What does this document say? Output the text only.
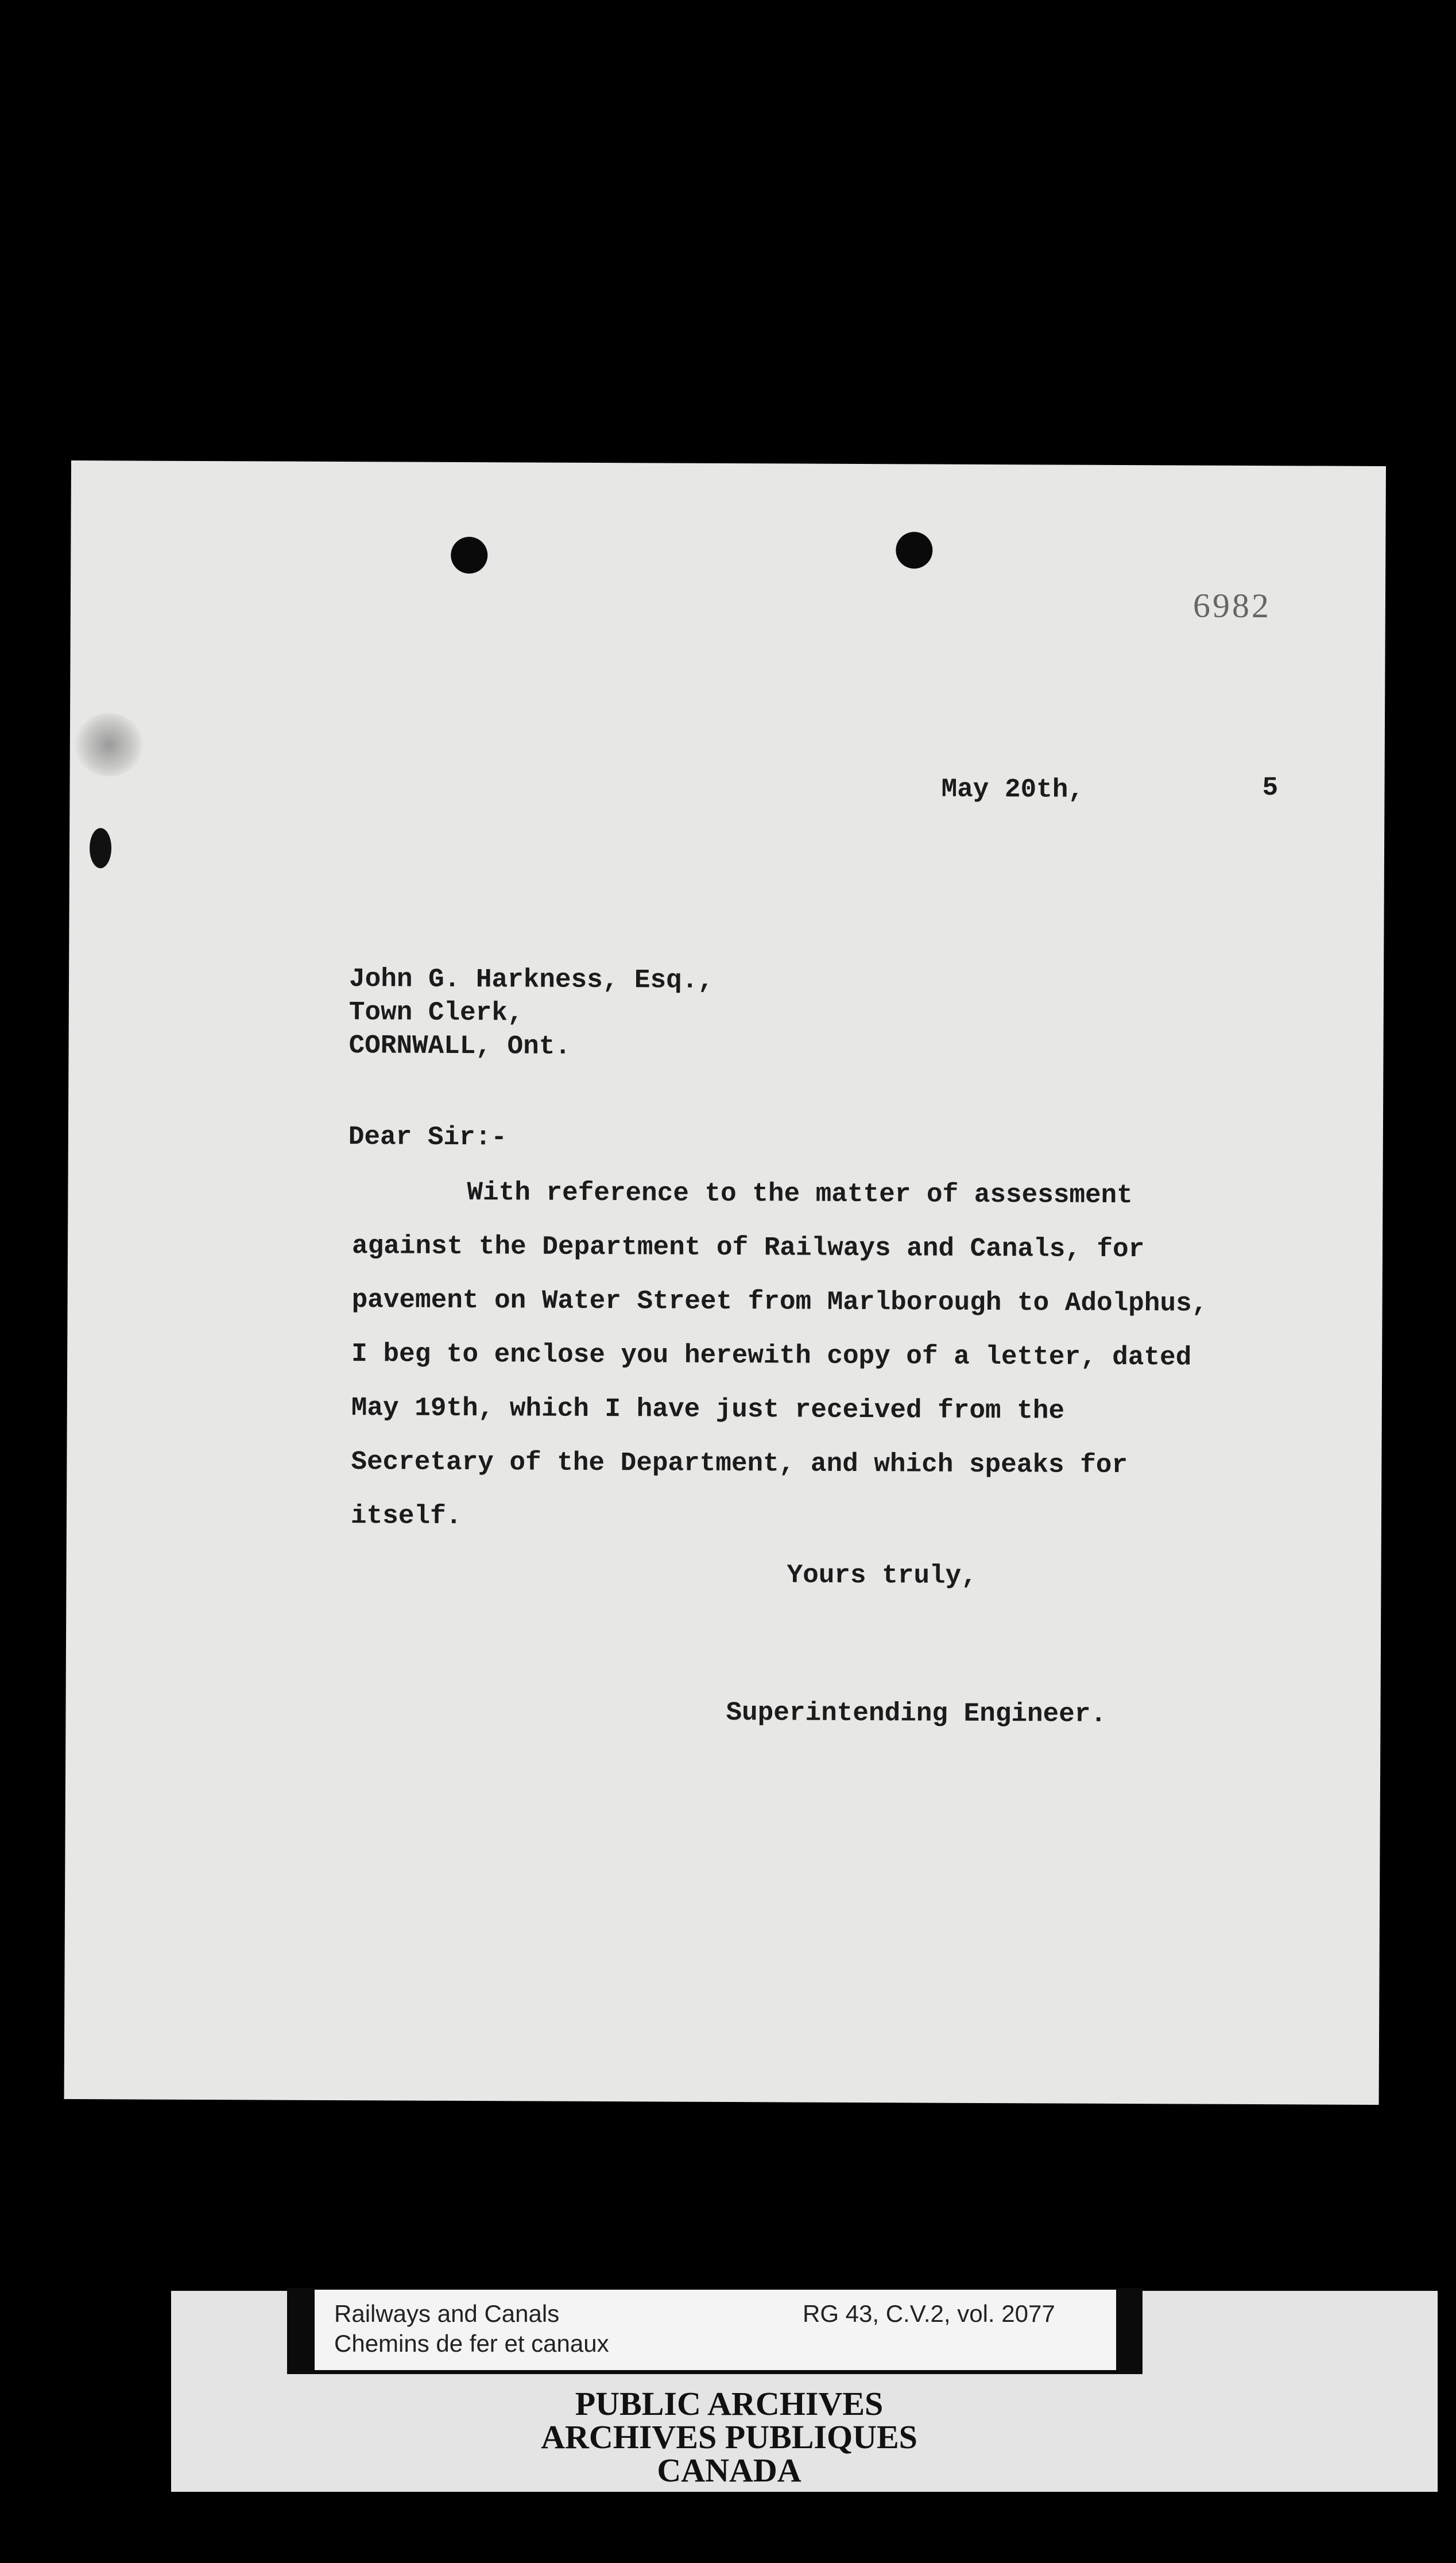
6982
May 20th,	5
John G. Harkness, Esq.,
Town Clerk,
CORNWALL, Ont.
Dear Sir:-
With reference to the matter of assessment
against the Department of Railways and Canals, for
pavement on Water Street from Marlborough to Adolphus,
I beg to enclose you herewith copy of a letter, dated
May 19th, which I have just received from the
Secretary of the Department, and which speaks for
itself.
Yours truly,
Superintending Engineer.
Railways and Canals
Chemins de fer et canaux
RG 43, C.V.2, vol. 2077
PUBLIC ARCHIVES
ARCHIVES PUBLIQUES
CANADA
